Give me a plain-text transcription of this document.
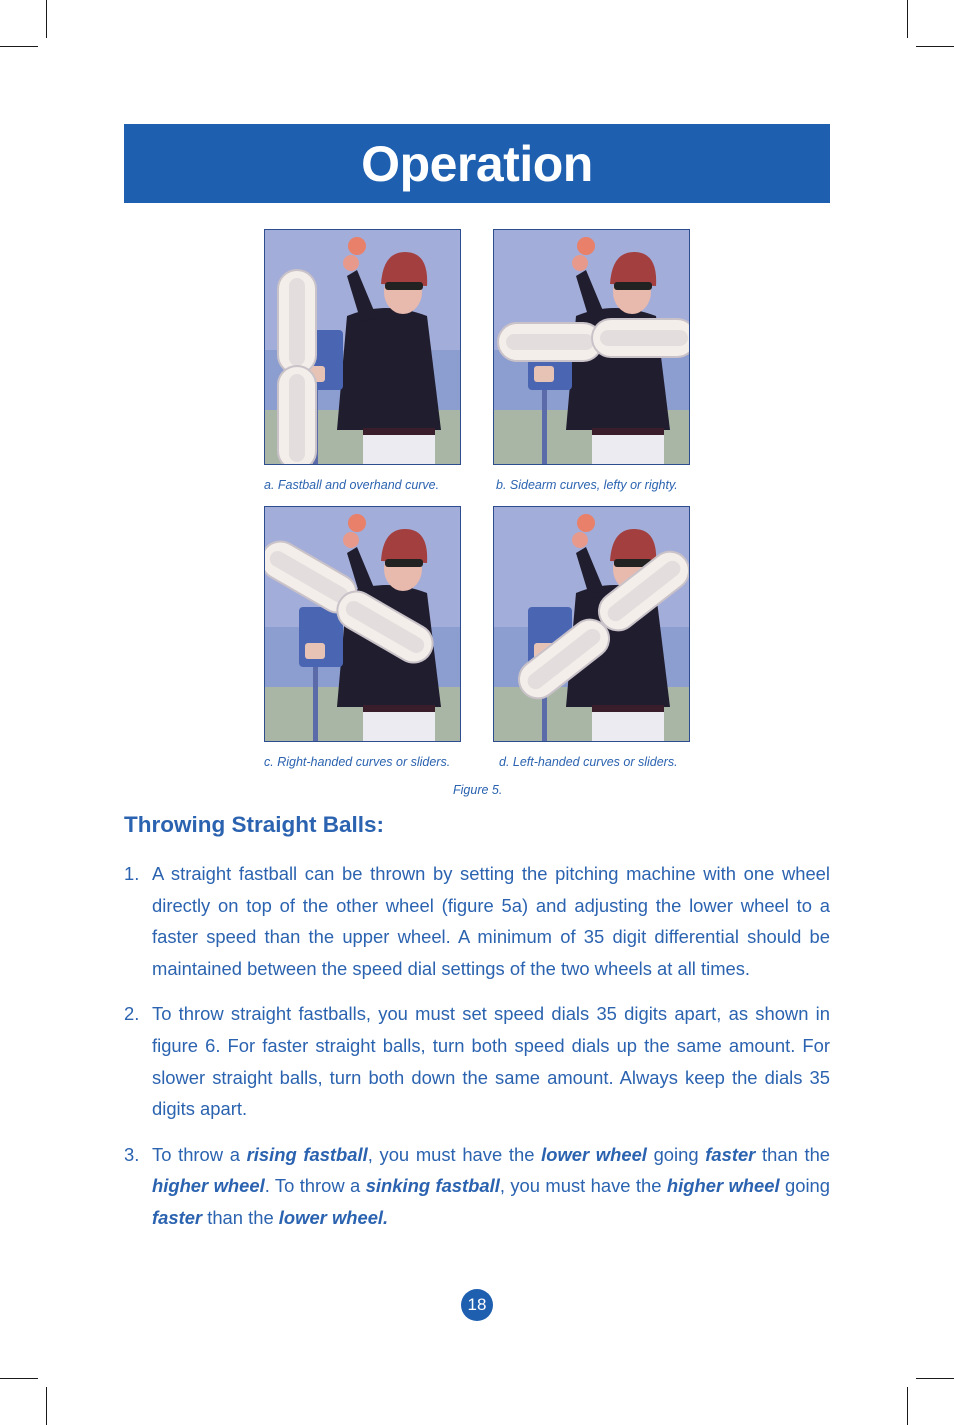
Operation
a. Fastball and overhand curve.	b. Sidearm curves, lefty or righty.
c. Right-handed curves or sliders.	d. Left-handed curves or sliders.
Figure 5.
Throwing Straight Balls:
1. A straight fastball can be thrown by setting the pitching machine with one wheel directly on top of the other wheel (figure 5a) and adjusting the lower wheel to a faster speed than the upper wheel. A minimum of 35 digit differential should be maintained between the speed dial settings of the two wheels at all times.
2. To throw straight fastballs, you must set speed dials 35 digits apart, as shown in figure 6. For faster straight balls, turn both speed dials up the same amount. For slower straight balls, turn both down the same amount. Always keep the dials 35 digits apart.
3. To throw a rising fastball, you must have the lower wheel going faster than the higher wheel. To throw a sinking fastball, you must have the higher wheel going faster than the lower wheel.
18
